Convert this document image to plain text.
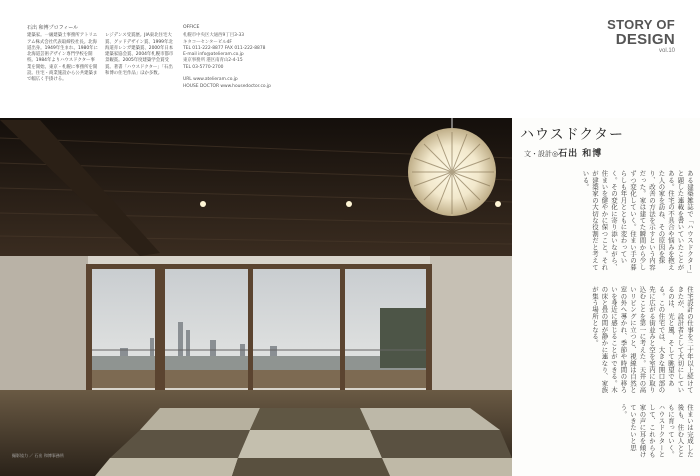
石出 和博プロフィール
建築家。一級建築士事務所アトリエアム株式会社代表取締役社長。北海道出身。1949年生まれ。1980年に北海道芸術デザイン専門学校を開校。1984年よりハウスドクター事業を開始。東京・札幌に事務所を開設。住宅・商業施設から公共建築まで幅広く手掛ける。
レジデンス受賞歴。JIA東北住宅大賞、グッドデザイン賞、1999年北海道赤レンガ建築賞、2000年日本建築家協会賞、2004年札幌市都市景観賞。2005年度建築学会賞受賞。著書「ハウスドクター」「石出和博の住宅作品」ほか多数。
OFFICE
札幌市中央区大通西9丁目3-33
キタコーセンタービル4F
TEL 011-222-8877 FAX 011-222-8878
E-mail info@atelieram.co.jp
東京事務所 港区南青山2-4-15
TEL 03-5770-2700

URL www.atelieram.co.jp
HOUSE DOCTOR www.housedoctor.co.jp
STORY OF
DESIGN
vol.10
撮影協力 ／ 石出 和博事務所
ハウスドクター
文・設計◎石出 和博
ある建築雑誌で「ハウスドクター」と題した連載を書いていたことがある。住宅の不具合や悩みを抱えた人の家を訪ね、その原因を探り、改善の方法を示すという内容だった。家は建てた瞬間から少しずつ変化していく。住まい手の暮らしも年月とともに変わっていく。その変化に寄り添いながら、住まいを健やかに保つこと。それが建築家の大切な役割だと考えている。
住宅設計の仕事を三十年以上続けてきたが、設計者として大切にしているのは、光と風、そして眺望である。この住宅では、大きな開口部の先に広がる街並みと空を室内に取り込むことを第一に考えた。天井の高いリビングに立つと、視線は自然と窓の外へ導かれ、季節や時間の移ろいを身近に感じることができる。木の床と畳の間が静かに連なり、家族が集う場所となる。
住まいは完成した後も、住む人とともに育っていく。ハウスドクターとして、これからも家の声に耳を傾けていきたいと思う。
